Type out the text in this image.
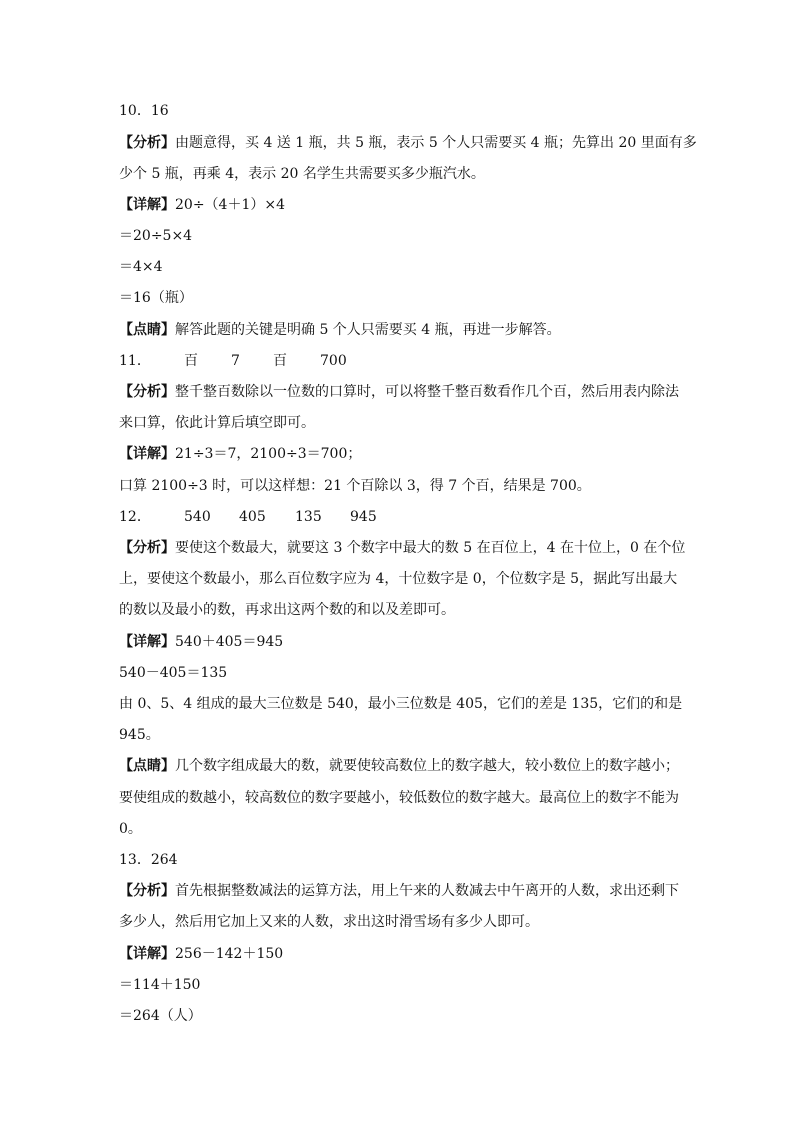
10．16
【分析】由题意得，买 4 送 1 瓶，共 5 瓶，表示 5 个人只需要买 4 瓶；先算出 20 里面有多
少个 5 瓶，再乘 4，表示 20 名学生共需要买多少瓶汽水。
【详解】20÷（4＋1）×4
＝20÷5×4
＝4×4
＝16（瓶）
【点睛】解答此题的关键是明确 5 个人只需要买 4 瓶，再进一步解答。
11． 百 7 百 700
【分析】整千整百数除以一位数的口算时，可以将整千整百数看作几个百，然后用表内除法
来口算，依此计算后填空即可。
【详解】21÷3＝7，2100÷3＝700；
口算 2100÷3 时，可以这样想：21 个百除以 3，得 7 个百，结果是 700。
12． 540 405 135 945
【分析】要使这个数最大，就要这 3 个数字中最大的数 5 在百位上，4 在十位上，0 在个位
上，要使这个数最小，那么百位数字应为 4，十位数字是 0，个位数字是 5，据此写出最大
的数以及最小的数，再求出这两个数的和以及差即可。
【详解】540＋405＝945
540－405＝135
由 0、5、4 组成的最大三位数是 540，最小三位数是 405，它们的差是 135，它们的和是
945。
【点睛】几个数字组成最大的数，就要使较高数位上的数字越大，较小数位上的数字越小；
要使组成的数越小，较高数位的数字要越小，较低数位的数字越大。最高位上的数字不能为
0。
13．264
【分析】首先根据整数减法的运算方法，用上午来的人数减去中午离开的人数，求出还剩下
多少人，然后用它加上又来的人数，求出这时滑雪场有多少人即可。
【详解】256－142＋150
＝114＋150
＝264（人）
